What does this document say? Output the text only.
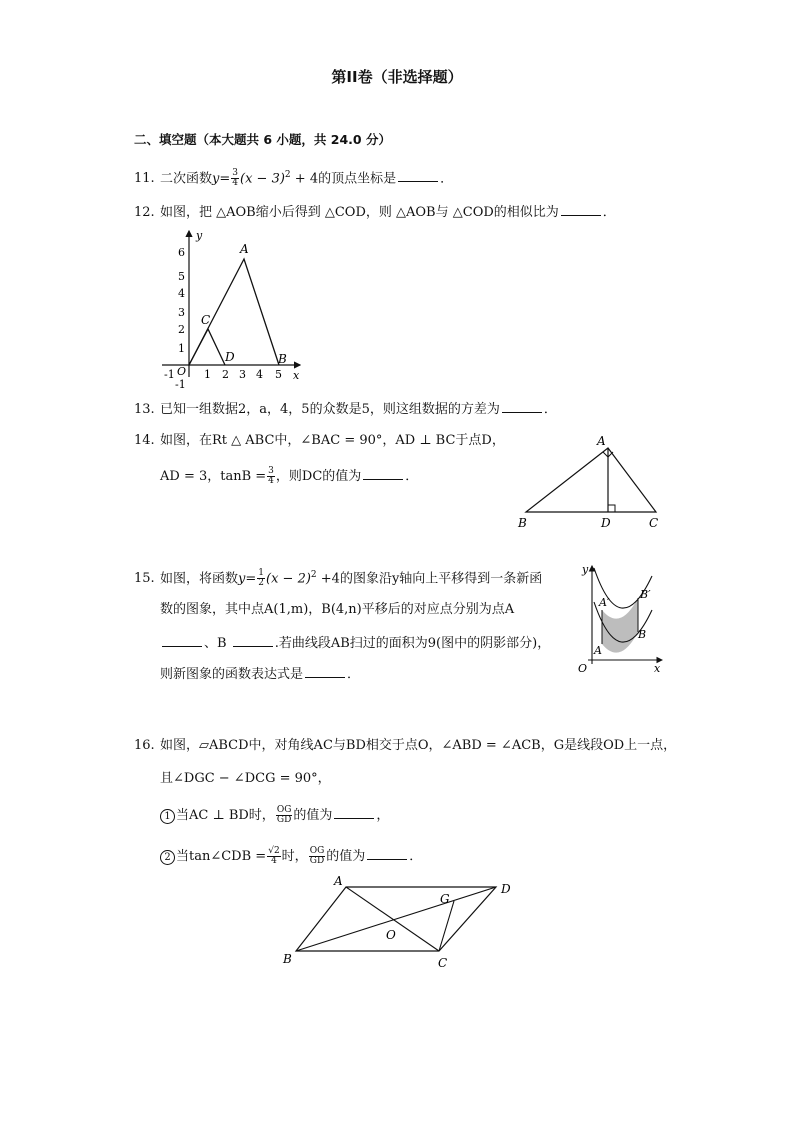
第II卷（非选择题）
二、填空题（本大题共 6 小题，共 24.0 分）
11. 二次函数$y= \frac{3}{4} (x - 3)^2 + 4$的顶点坐标是	．
12. 如图，把 △AOB缩小后得到 △COD，则 △AOB与 △COD的相似比为	．
y
x
O
6
5
4
3
2
1
-1
-1	1 2 3 4 5
A
B
C
D
13. 已知一组数据2，a，4，5的众数是5，则这组数据的方差为	．
14. 如图，在Rt △ ABC中，∠BAC = 90°，AD ⊥ BC于点D，
AD = 3，$\tan B = \frac{3}{4}$ ，则DC的值为	．
A
B	D	C
15. 如图，将函数$y= \frac{1}{2} (x - 2)^2 +4$的图象沿y轴向上平移得到一条新函
数的图象，其中点A(1,m)，B(4,n)平移后的对应点分别为点A
、B	.若曲线段AB扫过的面积为9(图中的阴影部分)，
则新图象的函数表达式是	．
y
x
O
A
B
A′
B′
16. 如图，▱ABCD中，对角线AC与BD相交于点O，∠ABD = ∠ACB，G是线段OD上一点，
且∠DGC − ∠DCG = 90°，
1 当AC ⊥ BD时， $\frac{OG}{GD}$ 的值为	，
2 当tan∠CDB = $\frac{√2}{4}$ 时， $\frac{OG}{GD}$ 的值为	．
A
D
B	C
O
G
